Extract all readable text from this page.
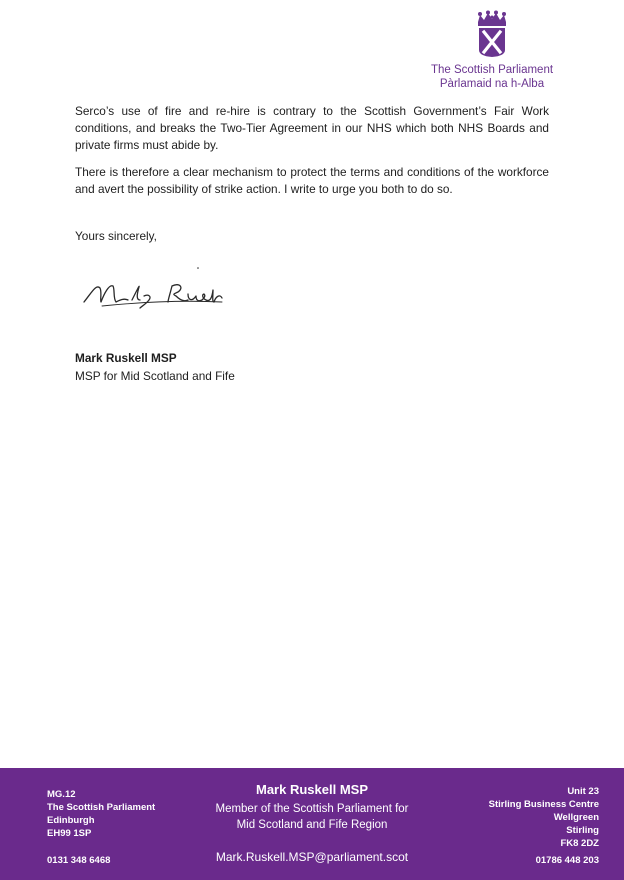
The Scottish Parliament
Pàrlamaid na h-Alba

Serco’s use of fire and re-hire is contrary to the Scottish Government’s Fair Work conditions, and breaks the Two-Tier Agreement in our NHS which both NHS Boards and private firms must abide by.

There is therefore a clear mechanism to protect the terms and conditions of the workforce and avert the possibility of strike action. I write to urge you both to do so.

Yours sincerely,
Mark Ruskell MSP
MSP for Mid Scotland and Fife
MG.12
The Scottish Parliament
Edinburgh
EH99 1SP
0131 348 6468
Mark Ruskell MSP
Member of the Scottish Parliament for
Mid Scotland and Fife Region
Mark.Ruskell.MSP@parliament.scot
Unit 23
Stirling Business Centre
Wellgreen
Stirling
FK8 2DZ
01786 448 203
